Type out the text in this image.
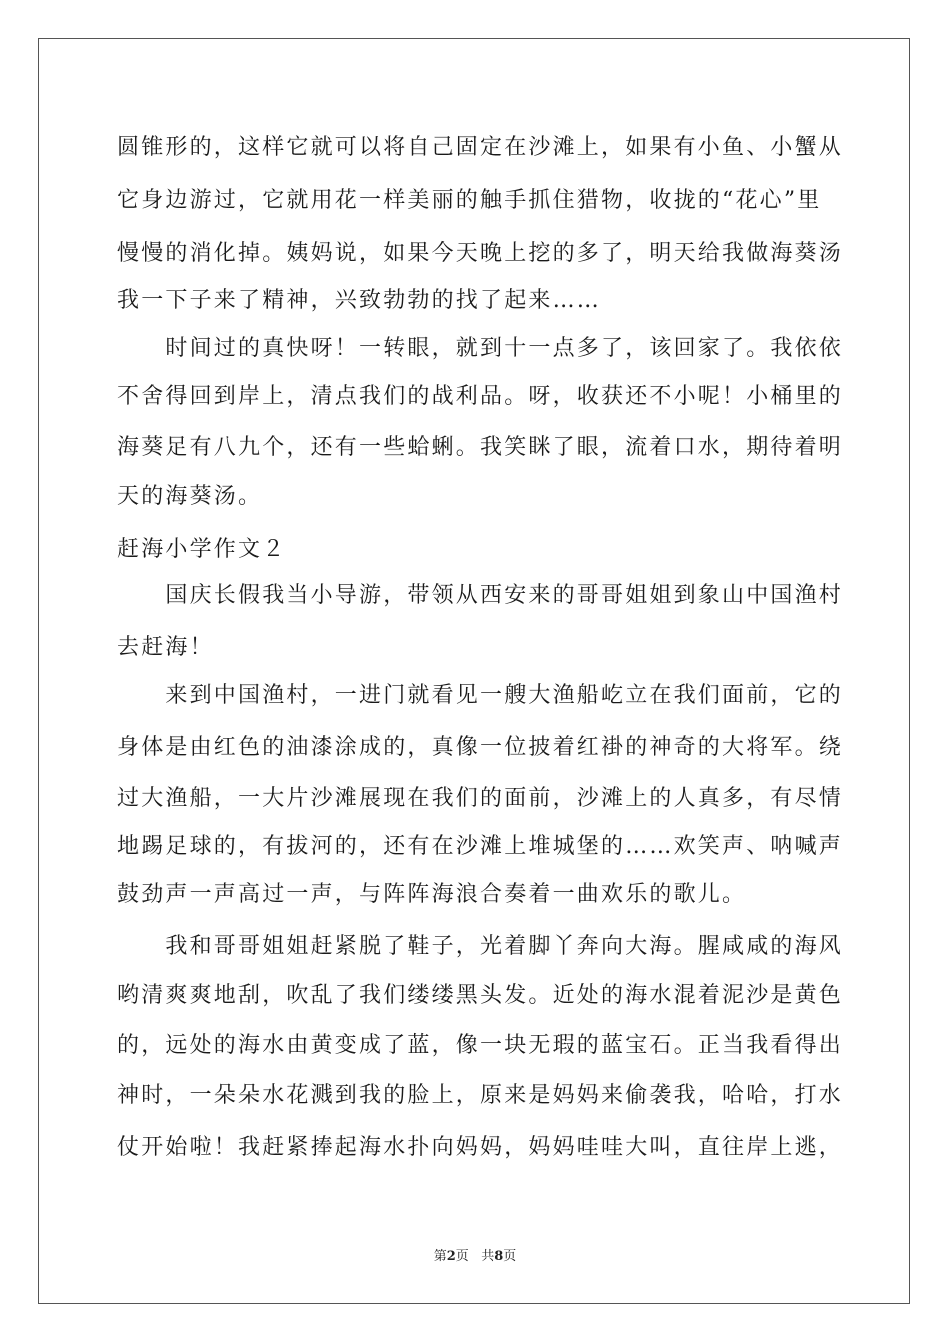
圆锥形的，这样它就可以将自己固定在沙滩上，如果有小鱼、小蟹从
它身边游过，它就用花一样美丽的触手抓住猎物，收拢的“花心”里
慢慢的消化掉。姨妈说，如果今天晚上挖的多了，明天给我做海葵汤
我一下子来了精神，兴致勃勃的找了起来……
　　时间过的真快呀！一转眼，就到十一点多了，该回家了。我依依
不舍得回到岸上，清点我们的战利品。呀，收获还不小呢！小桶里的
海葵足有八九个，还有一些蛤蜊。我笑眯了眼，流着口水，期待着明
天的海葵汤。
赶海小学作文２
　　国庆长假我当小导游，带领从西安来的哥哥姐姐到象山中国渔村
去赶海！
　　来到中国渔村，一进门就看见一艘大渔船屹立在我们面前，它的
身体是由红色的油漆涂成的，真像一位披着红褂的神奇的大将军。绕
过大渔船，一大片沙滩展现在我们的面前，沙滩上的人真多，有尽情
地踢足球的，有拔河的，还有在沙滩上堆城堡的……欢笑声、呐喊声
鼓劲声一声高过一声，与阵阵海浪合奏着一曲欢乐的歌儿。
　　我和哥哥姐姐赶紧脱了鞋子，光着脚丫奔向大海。腥咸咸的海风
哟清爽爽地刮，吹乱了我们缕缕黑头发。近处的海水混着泥沙是黄色
的，远处的海水由黄变成了蓝，像一块无瑕的蓝宝石。正当我看得出
神时，一朵朵水花溅到我的脸上，原来是妈妈来偷袭我，哈哈，打水
仗开始啦！我赶紧捧起海水扑向妈妈，妈妈哇哇大叫，直往岸上逃，
第2页 共8页
